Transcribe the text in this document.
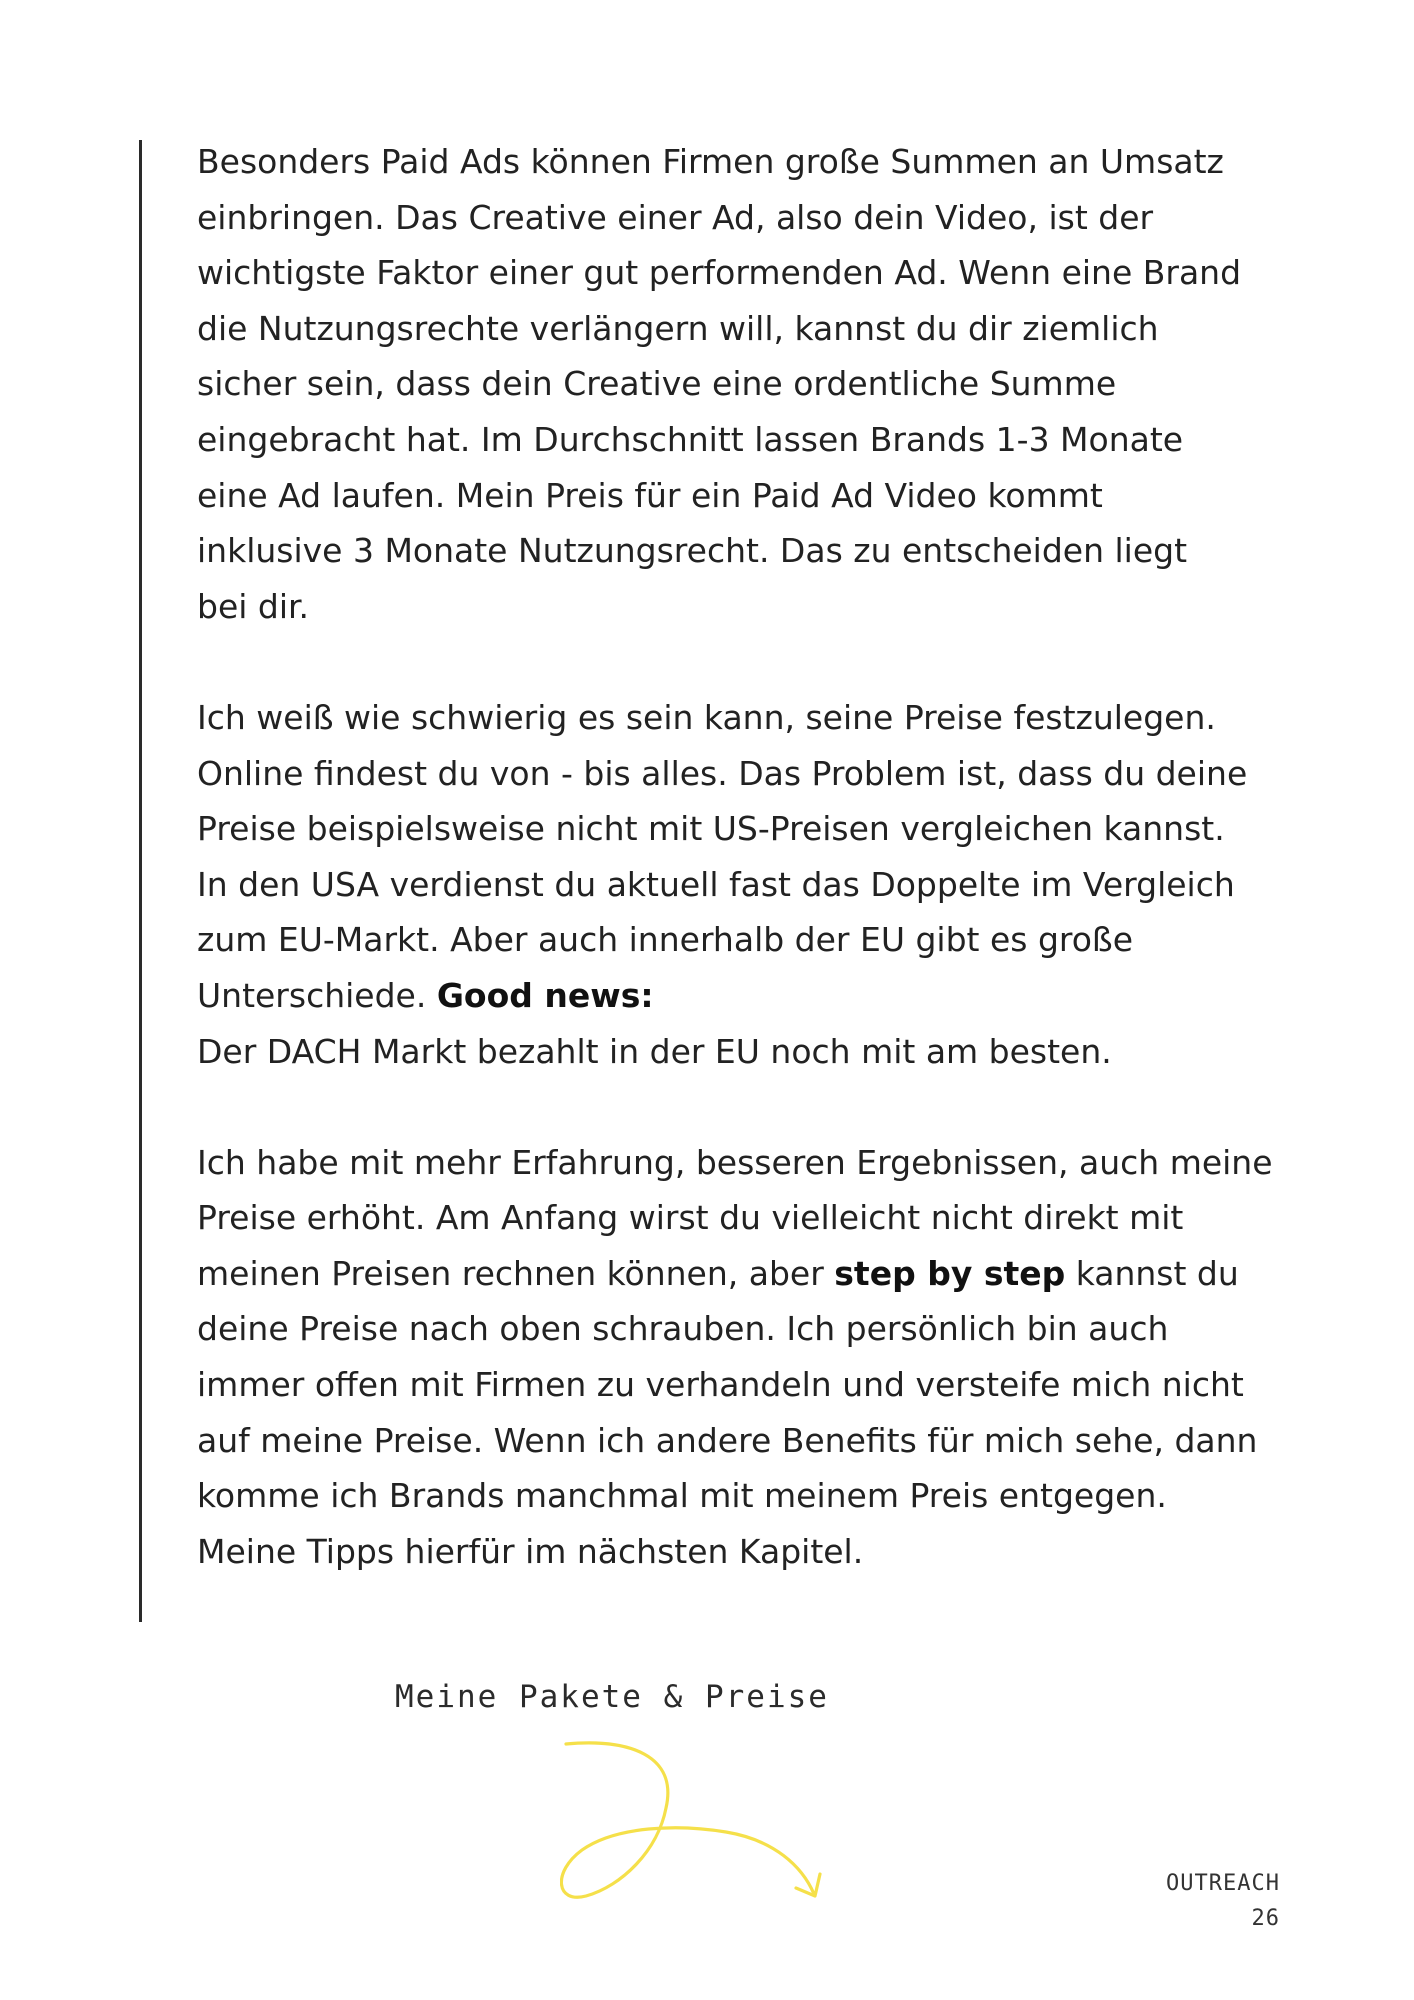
Besonders Paid Ads können Firmen große Summen an Umsatz
einbringen. Das Creative einer Ad, also dein Video, ist der
wichtigste Faktor einer gut performenden Ad. Wenn eine Brand
die Nutzungsrechte verlängern will, kannst du dir ziemlich
sicher sein, dass dein Creative eine ordentliche Summe
eingebracht hat. Im Durchschnitt lassen Brands 1-3 Monate
eine Ad laufen. Mein Preis für ein Paid Ad Video kommt
inklusive 3 Monate Nutzungsrecht. Das zu entscheiden liegt
bei dir.
Ich weiß wie schwierig es sein kann, seine Preise festzulegen.
Online findest du von - bis alles. Das Problem ist, dass du deine
Preise beispielsweise nicht mit US-Preisen vergleichen kannst.
In den USA verdienst du aktuell fast das Doppelte im Vergleich
zum EU-Markt. Aber auch innerhalb der EU gibt es große
Unterschiede. Good news:
Der DACH Markt bezahlt in der EU noch mit am besten.
Ich habe mit mehr Erfahrung, besseren Ergebnissen, auch meine
Preise erhöht. Am Anfang wirst du vielleicht nicht direkt mit
meinen Preisen rechnen können, aber step by step kannst du
deine Preise nach oben schrauben. Ich persönlich bin auch
immer offen mit Firmen zu verhandeln und versteife mich nicht
auf meine Preise. Wenn ich andere Benefits für mich sehe, dann
komme ich Brands manchmal mit meinem Preis entgegen.
Meine Tipps hierfür im nächsten Kapitel.
Meine Pakete & Preise
OUTREACH
26
